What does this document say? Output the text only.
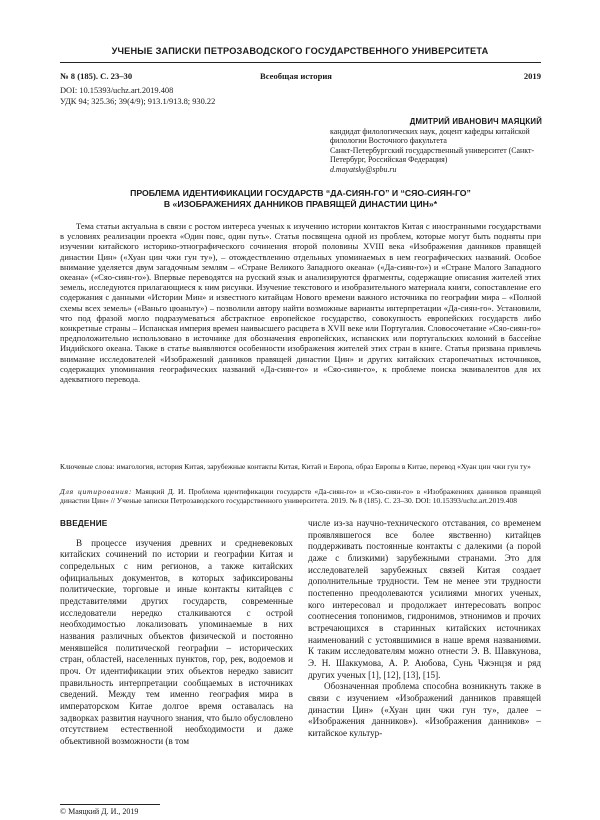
УЧЕНЫЕ ЗАПИСКИ ПЕТРОЗАВОДСКОГО ГОСУДАРСТВЕННОГО УНИВЕРСИТЕТА
№ 8 (185). С. 23–30	Всеобщая история	2019
DOI: 10.15393/uchz.art.2019.408
УДК 94; 325.36; 39(4/9); 913.1/913.8; 930.22
ДМИТРИЙ ИВАНОВИЧ МАЯЦКИЙ
кандидат филологических наук, доцент кафедры китайской филологии Восточного факультета
Санкт-Петербургский государственный университет (Санкт-Петербург, Российская Федерация)
d.mayatsky@spbu.ru
ПРОБЛЕМА ИДЕНТИФИКАЦИИ ГОСУДАРСТВ “ДА-СИЯН-ГО” И “СЯО-СИЯН-ГО”
В «ИЗОБРАЖЕНИЯХ ДАННИКОВ ПРАВЯЩЕЙ ДИНАСТИИ ЦИН»*

Тема статьи актуальна в связи с ростом интереса ученых к изучению истории контактов Китая с иностранными государствами в условиях реализации проекта «Один пояс, один путь». Статья посвящена одной из проблем, которые могут быть подняты при изучении китайского историко-этнографического сочинения второй половины XVIII века «Изображения данников правящей династии Цин» («Хуан цин чжи гун ту»), – отождествлению отдельных упоминаемых в нем географических названий. Особое внимание уделяется двум загадочным землям – «Стране Великого Западного океана» («Да-сиян-го») и «Стране Малого Западного океана» («Сяо-сиян-го»). Впервые переводятся на русский язык и анализируются фрагменты, содержащие описания жителей этих земель, исследуются прилагающиеся к ним рисунки. Изучение текстового и изобразительного материала книги, сопоставление его содержания с данными «Истории Мин» и известного китайцам Нового времени важного источника по географии мира – «Полной схемы всех земель» («Ваньго цюаньту») – позволили автору найти возможные варианты интерпретации «Да-сиян-го». Установили, что под фразой могло подразумеваться абстрактное европейское государство, совокупность европейских государств либо конкретные страны – Испанская империя времен наивысшего расцвета в XVII веке или Португалия. Словосочетание «Сяо-сиян-го» предположительно использовано в источнике для обозначения европейских, испанских или португальских колоний в бассейне Индийского океана. Также в статье выявляются особенности изображения жителей этих стран в книге. Статья призвана привлечь внимание исследователей «Изображений данников правящей династии Цин» и других китайских старопечатных источников, содержащих упоминания географических названий «Да-сиян-го» и «Сяо-сиян-го», к проблеме поиска эквивалентов для их адекватного перевода.

Ключевые слова: имагология, история Китая, зарубежные контакты Китая, Китай и Европа, образ Европы в Китае, перевод «Хуан цин чжи гун ту»

Для цитирования: Маяцкий Д. И. Проблема идентификации государств «Да-сиян-го» и «Сяо-сиян-го» в «Изображениях данников правящей династии Цин» // Ученые записки Петрозаводского государственного университета. 2019. № 8 (185). С. 23–30. DOI: 10.15393/uchz.art.2019.408

ВВЕДЕНИЕ

В процессе изучения древних и средневековых китайских сочинений по истории и географии Китая и сопредельных с ним регионов, а также китайских официальных документов, в которых зафиксированы политические, торговые и иные контакты китайцев с представителями других государств, современные исследователи нередко сталкиваются с острой необходимостью локализовать упоминаемые в них названия различных объектов физической и постоянно менявшейся политической географии – исторических стран, областей, населенных пунктов, гор, рек, водоемов и проч. От идентификации этих объектов нередко зависит правильность интерпретации сообщаемых в источниках сведений. Между тем именно география мира в императорском Китае долгое время оставалась на задворках развития научного знания, что было обусловлено отсутствием естественной необходимости и даже объективной возможности (в том

числе из-за научно-технического отставания, со временем проявлявшегося все более явственно) китайцев поддерживать постоянные контакты с далекими (а порой даже с близкими) зарубежными странами. Это для исследователей зарубежных связей Китая создает дополнительные трудности. Тем не менее эти трудности постепенно преодолеваются усилиями многих ученых, кого интересовал и продолжает интересовать вопрос соотнесения топонимов, гидронимов, этнонимов и прочих встречающихся в старинных китайских источниках наименований с устоявшимися в наше время названиями. К таким исследователям можно отнести Э. В. Шавкунова, Э. Н. Шаккумова, А. Р. Аюбова, Сунь Чжэнцзя и ряд других ученых [1], [12], [13], [15].

Обозначенная проблема способна возникнуть также в связи с изучением «Изображений данников правящей династии Цин» («Хуан цин чжи гун ту», далее – «Изображения данников»). «Изображения данников» – китайское культур-

© Маяцкий Д. И., 2019
